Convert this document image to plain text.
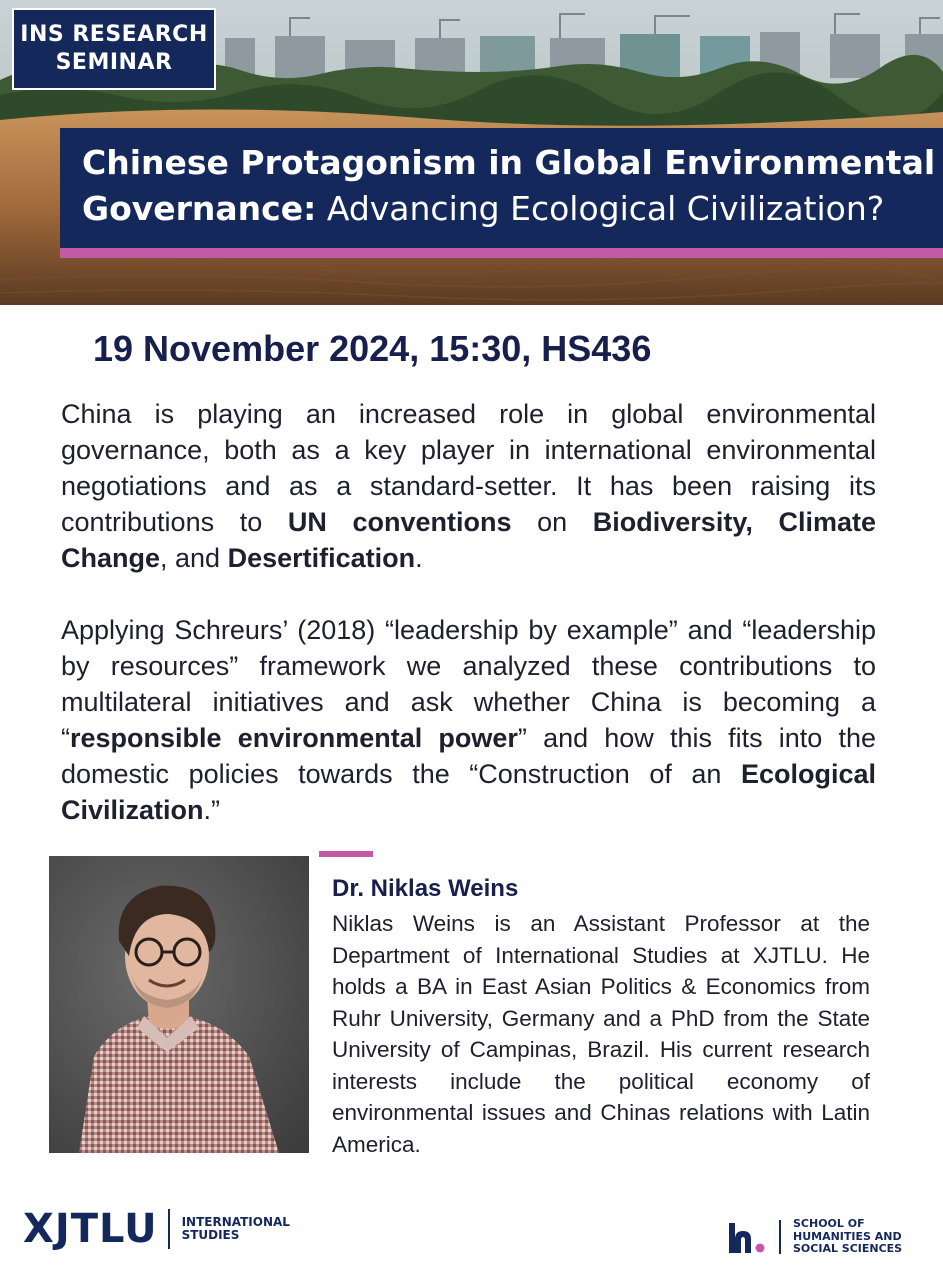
INS RESEARCH
SEMINAR
Chinese Protagonism in Global Environmental
Governance: Advancing Ecological Civilization?
19 November 2024, 15:30, HS436

China is playing an increased role in global environmental governance, both as a key player in international environmental negotiations and as a standard-setter. It has been raising its contributions to UN conventions on Biodiversity, Climate Change, and Desertification.

Applying Schreurs’ (2018) “leadership by example” and “leadership by resources” framework we analyzed these contributions to multilateral initiatives and ask whether China is becoming a “responsible environmental power” and how this fits into the domestic policies towards the “Construction of an Ecological Civilization.”

Dr. Niklas Weins
Niklas Weins is an Assistant Professor at the Department of International Studies at XJTLU. He holds a BA in East Asian Politics & Economics from Ruhr University, Germany and a PhD from the State University of Campinas, Brazil. His current research interests include the political economy of environmental issues and Chinas relations with Latin America.
XJTLU INTERNATIONAL
STUDIES
SCHOOL OF
HUMANITIES AND
SOCIAL SCIENCES
